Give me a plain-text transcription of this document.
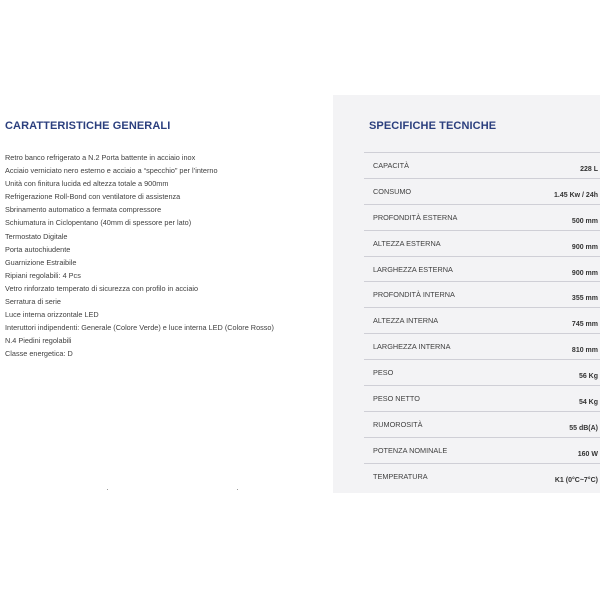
CARATTERISTICHE GENERALI
Retro banco refrigerato a N.2 Porta battente in acciaio inox
Acciaio verniciato nero esterno e acciaio a “specchio” per l’interno
Unità con finitura lucida ed altezza totale a 900mm
Refrigerazione Roll-Bond con ventilatore di assistenza
Sbrinamento automatico a fermata compressore
Schiumatura in Ciclopentano (40mm di spessore per lato)
Termostato Digitale
Porta autochiudente
Guarnizione Estraibile
Ripiani regolabili: 4 Pcs
Vetro rinforzato temperato di sicurezza con profilo in acciaio
Serratura di serie
Luce interna orizzontale LED
Interuttori indipendenti: Generale (Colore Verde) e luce interna LED (Colore Rosso)
N.4 Piedini regolabili
Classe energetica: D
SPECIFICHE TECNICHE
CAPACITÀ	228 L
CONSUMO	1.45 Kw / 24h
PROFONDITÀ ESTERNA	500 mm
ALTEZZA ESTERNA	900 mm
LARGHEZZA ESTERNA	900 mm
PROFONDITÀ INTERNA	355 mm
ALTEZZA INTERNA	745 mm
LARGHEZZA INTERNA	810 mm
PESO	56 Kg
PESO NETTO	54 Kg
RUMOROSITÀ	55 dB(A)
POTENZA NOMINALE	160 W
TEMPERATURA	K1 (0°C~7°C)
